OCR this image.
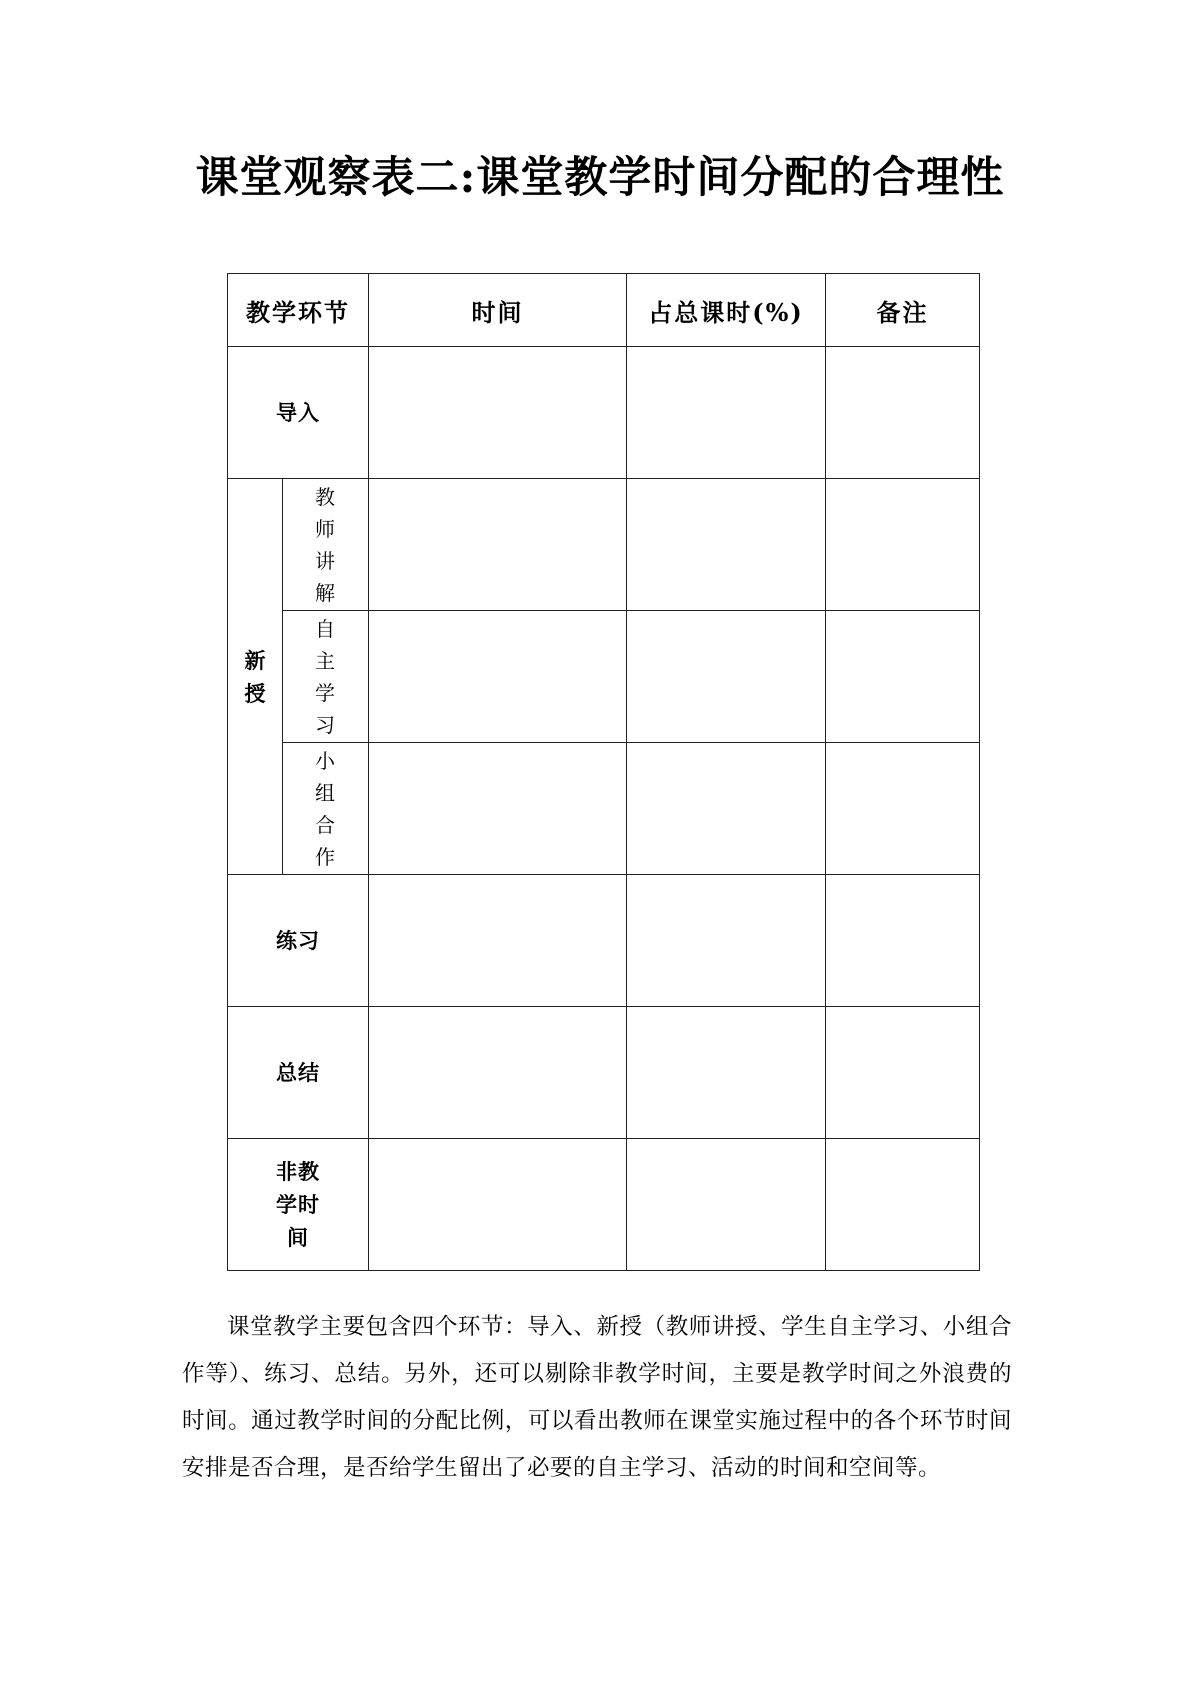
课堂观察表二:课堂教学时间分配的合理性
教学环节		时间	占总课时(%)	备注
导入				
新授	教师讲解			
	自主学习			
	小组合作			
练习				
总结				
非教学时间				

课堂教学主要包含四个环节：导入、新授（教师讲授、学生自主学习、小组合作等）、练习、总结。另外，还可以剔除非教学时间，主要是教学时间之外浪费的时间。通过教学时间的分配比例，可以看出教师在课堂实施过程中的各个环节时间安排是否合理，是否给学生留出了必要的自主学习、活动的时间和空间等。
